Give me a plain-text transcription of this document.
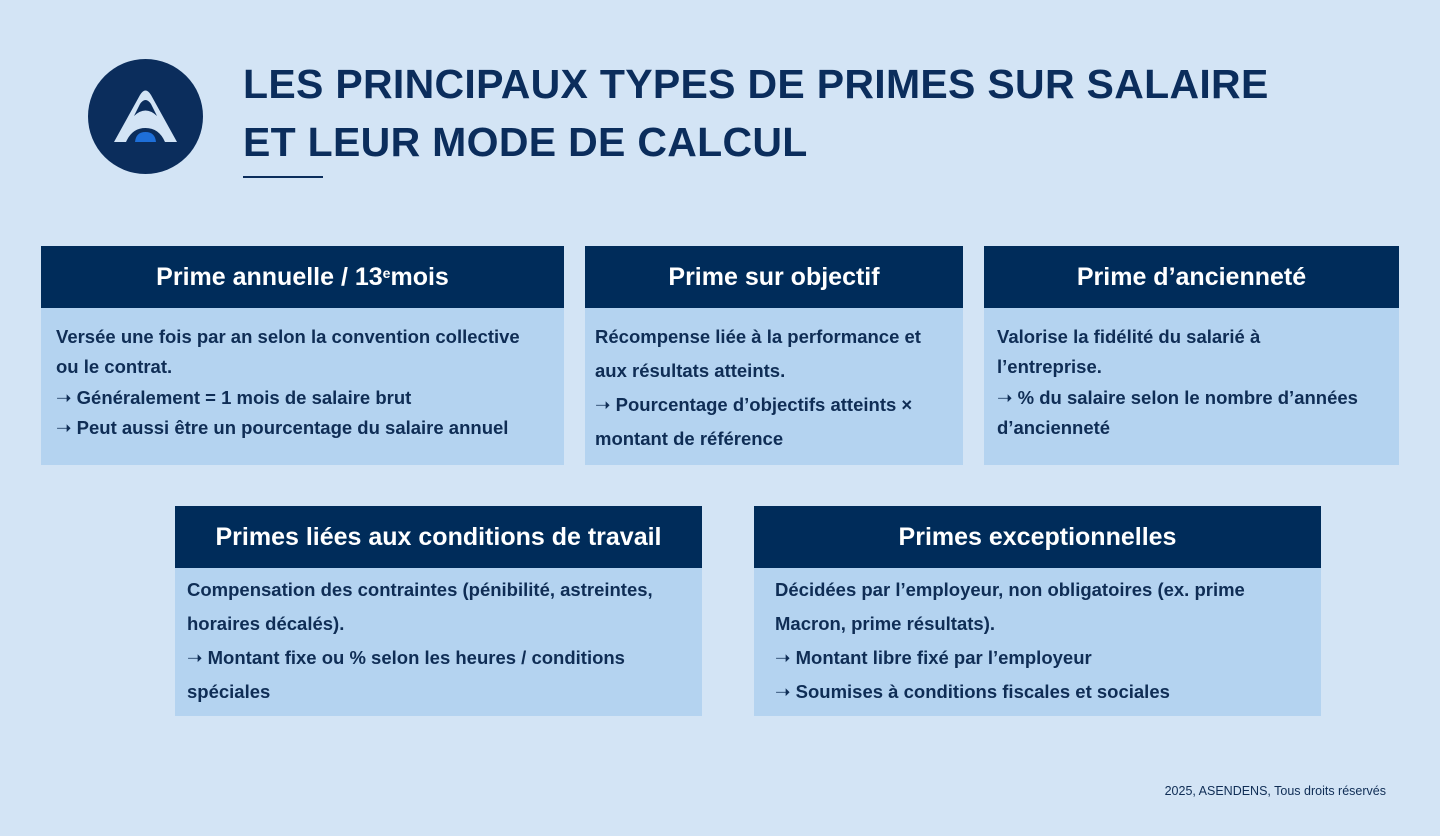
LES PRINCIPAUX TYPES DE PRIMES SUR SALAIRE
ET LEUR MODE DE CALCUL
Prime annuelle / 13e mois
Versée une fois par an selon la convention collective
ou le contrat.
➝ Généralement = 1 mois de salaire brut
➝ Peut aussi être un pourcentage du salaire annuel
Prime sur objectif
Récompense liée à la performance et
aux résultats atteints.
➝ Pourcentage d’objectifs atteints ×
montant de référence
Prime d’ancienneté
Valorise la fidélité du salarié à
l’entreprise.
➝ % du salaire selon le nombre d’années
d’ancienneté
Primes liées aux conditions de travail
Compensation des contraintes (pénibilité, astreintes,
horaires décalés).
➝ Montant fixe ou % selon les heures / conditions
spéciales
Primes exceptionnelles
Décidées par l’employeur, non obligatoires (ex. prime
Macron, prime résultats).
➝ Montant libre fixé par l’employeur
➝ Soumises à conditions fiscales et sociales
2025, ASENDENS, Tous droits réservés
